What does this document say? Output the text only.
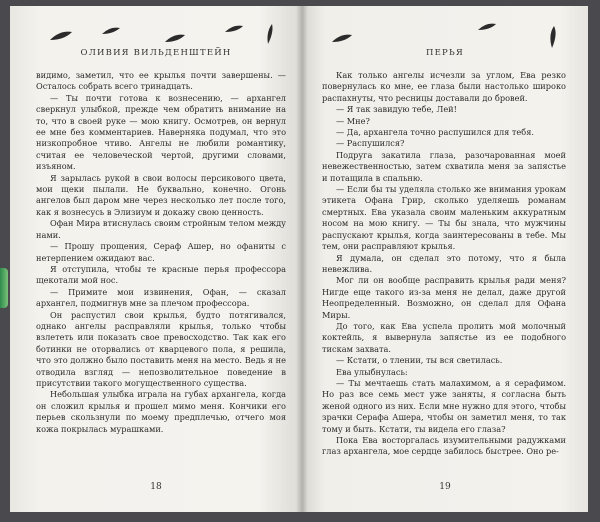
ОЛИВИЯ ВИЛЬДЕНШТЕЙН

видимо, заметил, что ее крылья почти завершены. — Осталось собрать всего тринадцать.

— Ты почти готова к вознесению, — архангел сверкнул улыбкой, прежде чем обратить внимание на то, что в своей руке — мою книгу. Осмотрев, он вернул ее мне без комментариев. Наверняка подумал, что это низкопробное чтиво. Ангелы не любили романтику, считая ее человеческой чертой, другими словами, изъяном.

Я зарылась рукой в свои волосы персикового цвета, мои щеки пылали. Не буквально, конечно. Огонь ангелов был даром мне через несколько лет после того, как я вознесусь в Элизиум и докажу свою ценность.

Офан Мира втиснулась своим стройным телом между нами.

— Прошу прощения, Сераф Ашер, но офаниты с нетерпением ожидают вас.

Я отступила, чтобы те красные перья профессора щекотали мой нос.

— Примите мои извинения, Офан, — сказал архангел, подмигнув мне за плечом профессора.

Он распустил свои крылья, будто потягивался, однако ангелы расправляли крылья, только чтобы взлететь или показать свое превосходство. Так как его ботинки не оторвались от кварцевого пола, я решила, что это должно было поставить меня на место. Ведь я не отводила взгляд — непозволительное поведение в присутствии такого могущественного существа.

Небольшая улыбка играла на губах архангела, когда он сложил крылья и прошел мимо меня. Кончики его перьев скользнули по моему предплечью, отчего моя кожа покрылась мурашками.

18
ПЕРЬЯ

Как только ангелы исчезли за углом, Ева резко повернулась ко мне, ее глаза были настолько широко распахнуты, что ресницы доставали до бровей.

— Я так завидую тебе, Лей!

— Мне?

— Да, архангела точно распушился для тебя.

— Распушился?

Подруга закатила глаза, разочарованная моей невежественностью, затем схватила меня за запястье и потащила в спальню.

— Если бы ты уделяла столько же внимания урокам этикета Офана Грир, сколько уделяешь романам смертных. Ева указала своим маленьким аккуратным носом на мою книгу. — Ты бы знала, что мужчины распускают крылья, когда заинтересованы в тебе. Мы тем, они расправляют крылья.

Я думала, он сделал это потому, что я была невежлива.

Мог ли он вообще расправить крылья ради меня? Нигде еще такого из-за меня не делал, даже другой Неопределенный. Возможно, он сделал для Офана Миры.

До того, как Ева успела пролить мой молочный коктейль, я вывернула запястье из ее подобного тискам захвата.

— Кстати, о тлении, ты вся светилась.

Ева улыбнулась:

— Ты мечтаешь стать малахимом, а я серафимом. Но раз все семь мест уже заняты, я согласна быть женой одного из них. Если мне нужно для этого, чтобы зрачки Серафа Ашера, чтобы он заметил меня, то так тому и быть. Кстати, ты видела его глаза?

Пока Ева восторгалась изумительными радужками глаз архангела, мое сердце забилось быстрее. Оно ре-

19
